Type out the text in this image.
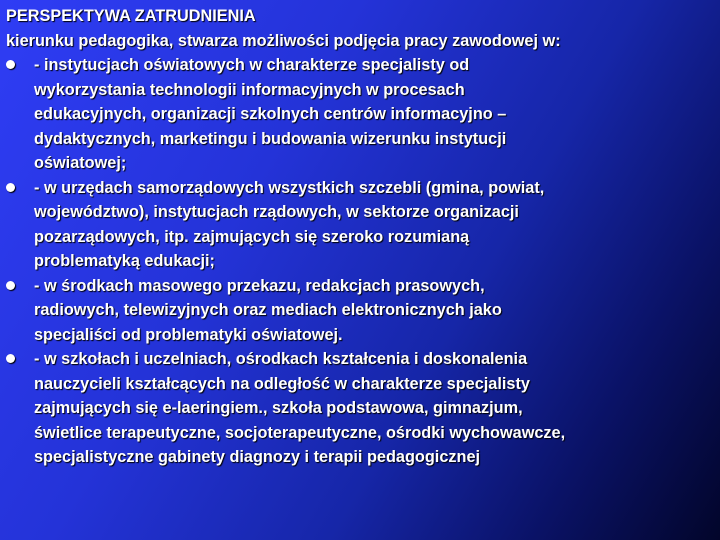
PERSPEKTYWA ZATRUDNIENIA
kierunku pedagogika, stwarza możliwości podjęcia pracy zawodowej w:
- instytucjach oświatowych w charakterze specjalisty od
wykorzystania technologii informacyjnych w procesach
edukacyjnych, organizacji szkolnych centrów informacyjno –
dydaktycznych, marketingu i budowania wizerunku instytucji
oświatowej;
- w urzędach samorządowych wszystkich szczebli (gmina, powiat,
województwo), instytucjach rządowych, w sektorze organizacji
pozarządowych, itp. zajmujących się szeroko rozumianą
problematyką edukacji;
- w środkach masowego przekazu, redakcjach prasowych,
radiowych, telewizyjnych oraz mediach elektronicznych jako
specjaliści od problematyki oświatowej.
- w szkołach i uczelniach, ośrodkach kształcenia i doskonalenia
nauczycieli kształcących na odległość w charakterze specjalisty
zajmujących się e-laeringiem., szkoła podstawowa, gimnazjum,
świetlice terapeutyczne, socjoterapeutyczne, ośrodki wychowawcze,
specjalistyczne gabinety diagnozy i terapii pedagogicznej
